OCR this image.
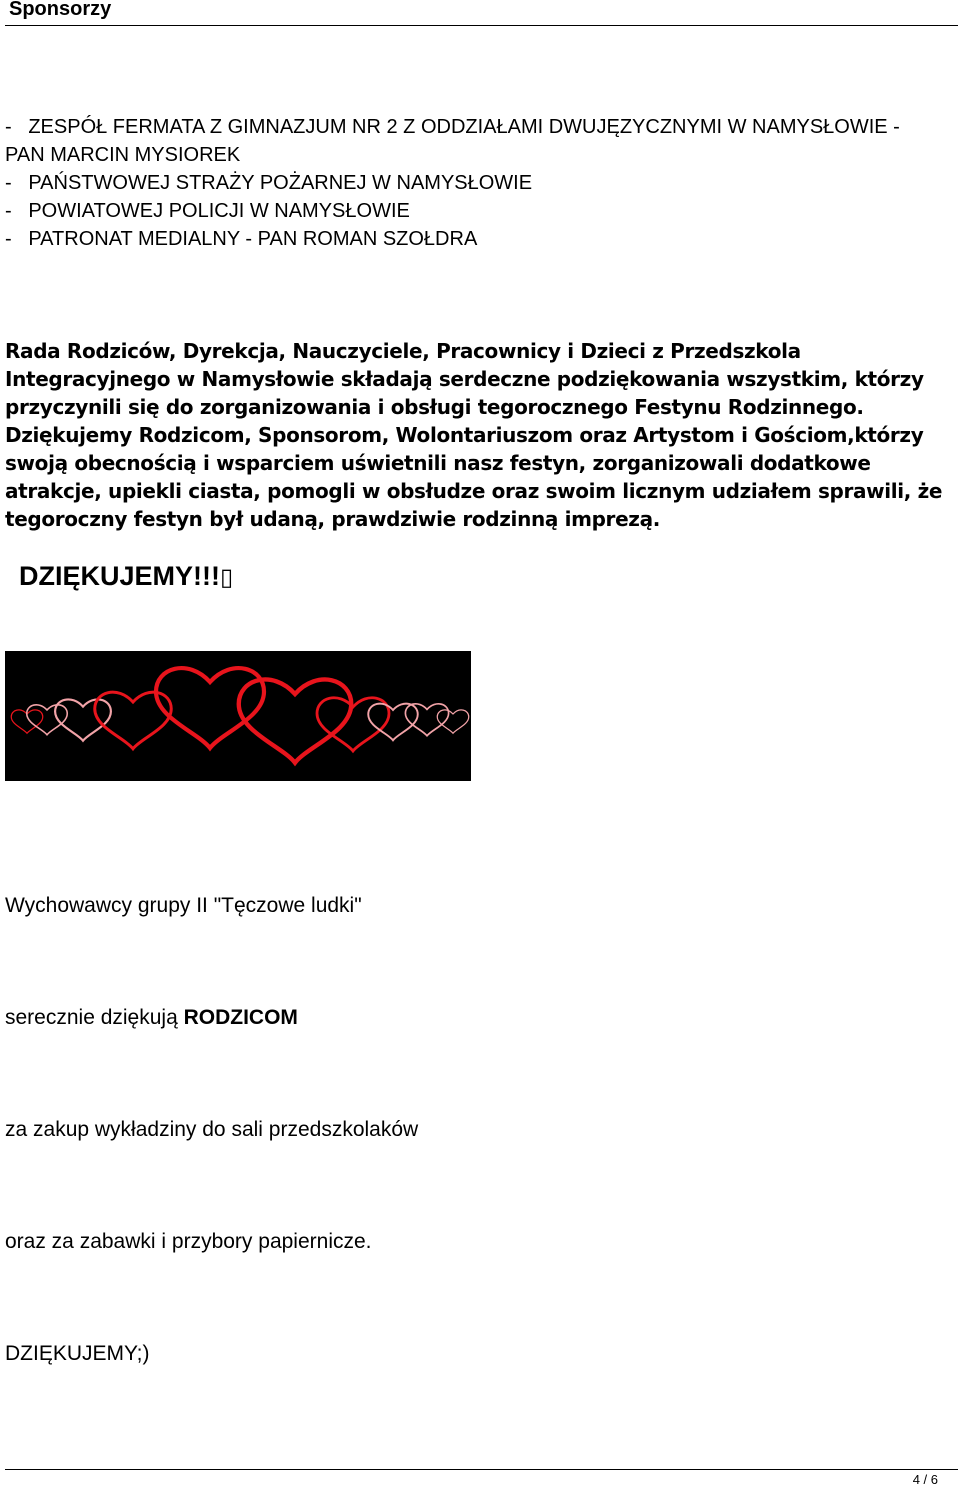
Sponsorzy
-   ZESPÓŁ FERMATA Z GIMNAZJUM NR 2 Z ODDZIAŁAMI DWUJĘZYCZNYMI W NAMYSŁOWIE - PAN MARCIN MYSIOREK
-   PAŃSTWOWEJ STRAŻY POŻARNEJ W NAMYSŁOWIE
-   POWIATOWEJ POLICJI W NAMYSŁOWIE
-   PATRONAT MEDIALNY - PAN ROMAN SZOŁDRA

Rada Rodziców, Dyrekcja, Nauczyciele, Pracownicy i Dzieci z Przedszkola Integracyjnego w Namysłowie składają serdeczne podziękowania wszystkim, którzy przyczynili się do zorganizowania i obsługi tegorocznego Festynu Rodzinnego.

Dziękujemy Rodzicom, Sponsorom, Wolontariuszom oraz Artystom i Gościom,którzy swoją obecnością i wsparciem uświetnili nasz festyn, zorganizowali dodatkowe atrakcje, upiekli ciasta, pomogli w obsłudze oraz swoim licznym udziałem sprawili, że tegoroczny festyn był udaną, prawdziwie rodzinną imprezą.

DZIĘKUJEMY!!!▯
Wychowawcy grupy II "Tęczowe ludki"
serecznie dziękują RODZICOM
za zakup wykładziny do sali przedszkolaków
oraz za zabawki i przybory papiernicze.
DZIĘKUJEMY;)
4 / 6
